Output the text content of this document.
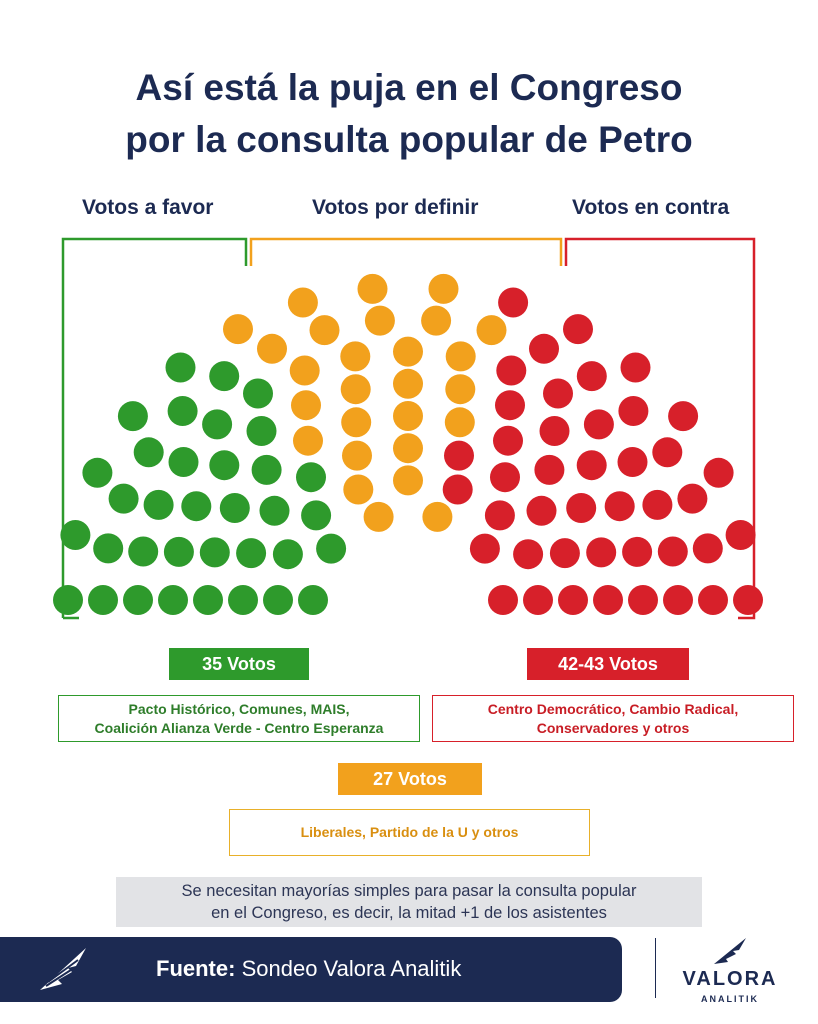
Así está la puja en el Congreso
por la consulta popular de Petro
Votos a favor	Votos por definir	Votos en contra
35 Votos	42-43 Votos
Pacto Histórico, Comunes, MAIS,
Coalición Alianza Verde - Centro Esperanza
Centro Democrático, Cambio Radical,
Conservadores y otros
27 Votos
Liberales, Partido de la U y otros
Se necesitan mayorías simples para pasar la consulta popular
en el Congreso, es decir, la mitad +1 de los asistentes
Fuente: Sondeo Valora Analitik	VALORA
ANALITIK
